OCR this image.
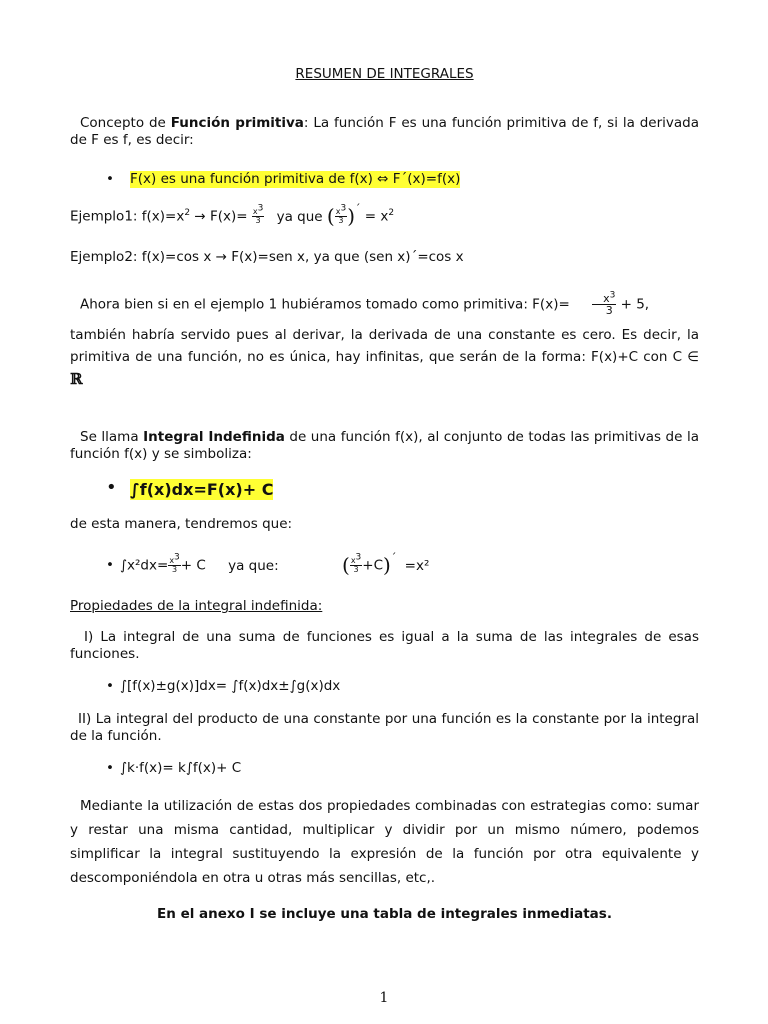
RESUMEN DE INTEGRALES

Concepto de Función primitiva: La función F es una función primitiva de f, si la derivada de F es f, es decir:

• F(x) es una función primitiva de f(x) ⇔ F´(x)=f(x)
Ejemplo1: $f(x)=x^2 \to F(x)= \frac{x^3}{3}$ ya que ( $\frac{x^3}{3} )^´ = x^2$
Ejemplo2: f(x)=cos x → F(x)=sen x, ya que (sen x)´=cos x
Ahora bien si en el ejemplo 1 hubiéramos tomado como primitiva: $F(x)= \frac{x^3}{3} + 5$,

también habría servido pues al derivar, la derivada de una constante es cero. Es decir, la primitiva de una función, no es única, hay infinitas, que serán de la forma: F(x)+C con C ∈ ℝ

Se llama Integral Indefinida de una función f(x), al conjunto de todas las primitivas de la función f(x) y se simboliza:

• ∫f(x)dx=F(x)+ C
de esta manera, tendremos que:
• $\int x^2dx= \frac{x^3}{3} + C$ ya que:	( $\frac{x^3}{3} +C)^´ =x^2$
Propiedades de la integral indefinida:

I) La integral de una suma de funciones es igual a la suma de las integrales de esas funciones.

• ∫[f(x)±g(x)]dx= ∫f(x)dx±∫g(x)dx

II) La integral del producto de una constante por una función es la constante por la integral de la función.

• ∫k·f(x)= k∫f(x)+ C

Mediante la utilización de estas dos propiedades combinadas con estrategias como: sumar y restar una misma cantidad, multiplicar y dividir por un mismo número, podemos simplificar la integral sustituyendo la expresión de la función por otra equivalente y descomponiéndola en otra u otras más sencillas, etc,.

En el anexo I se incluye una tabla de integrales inmediatas.
1
